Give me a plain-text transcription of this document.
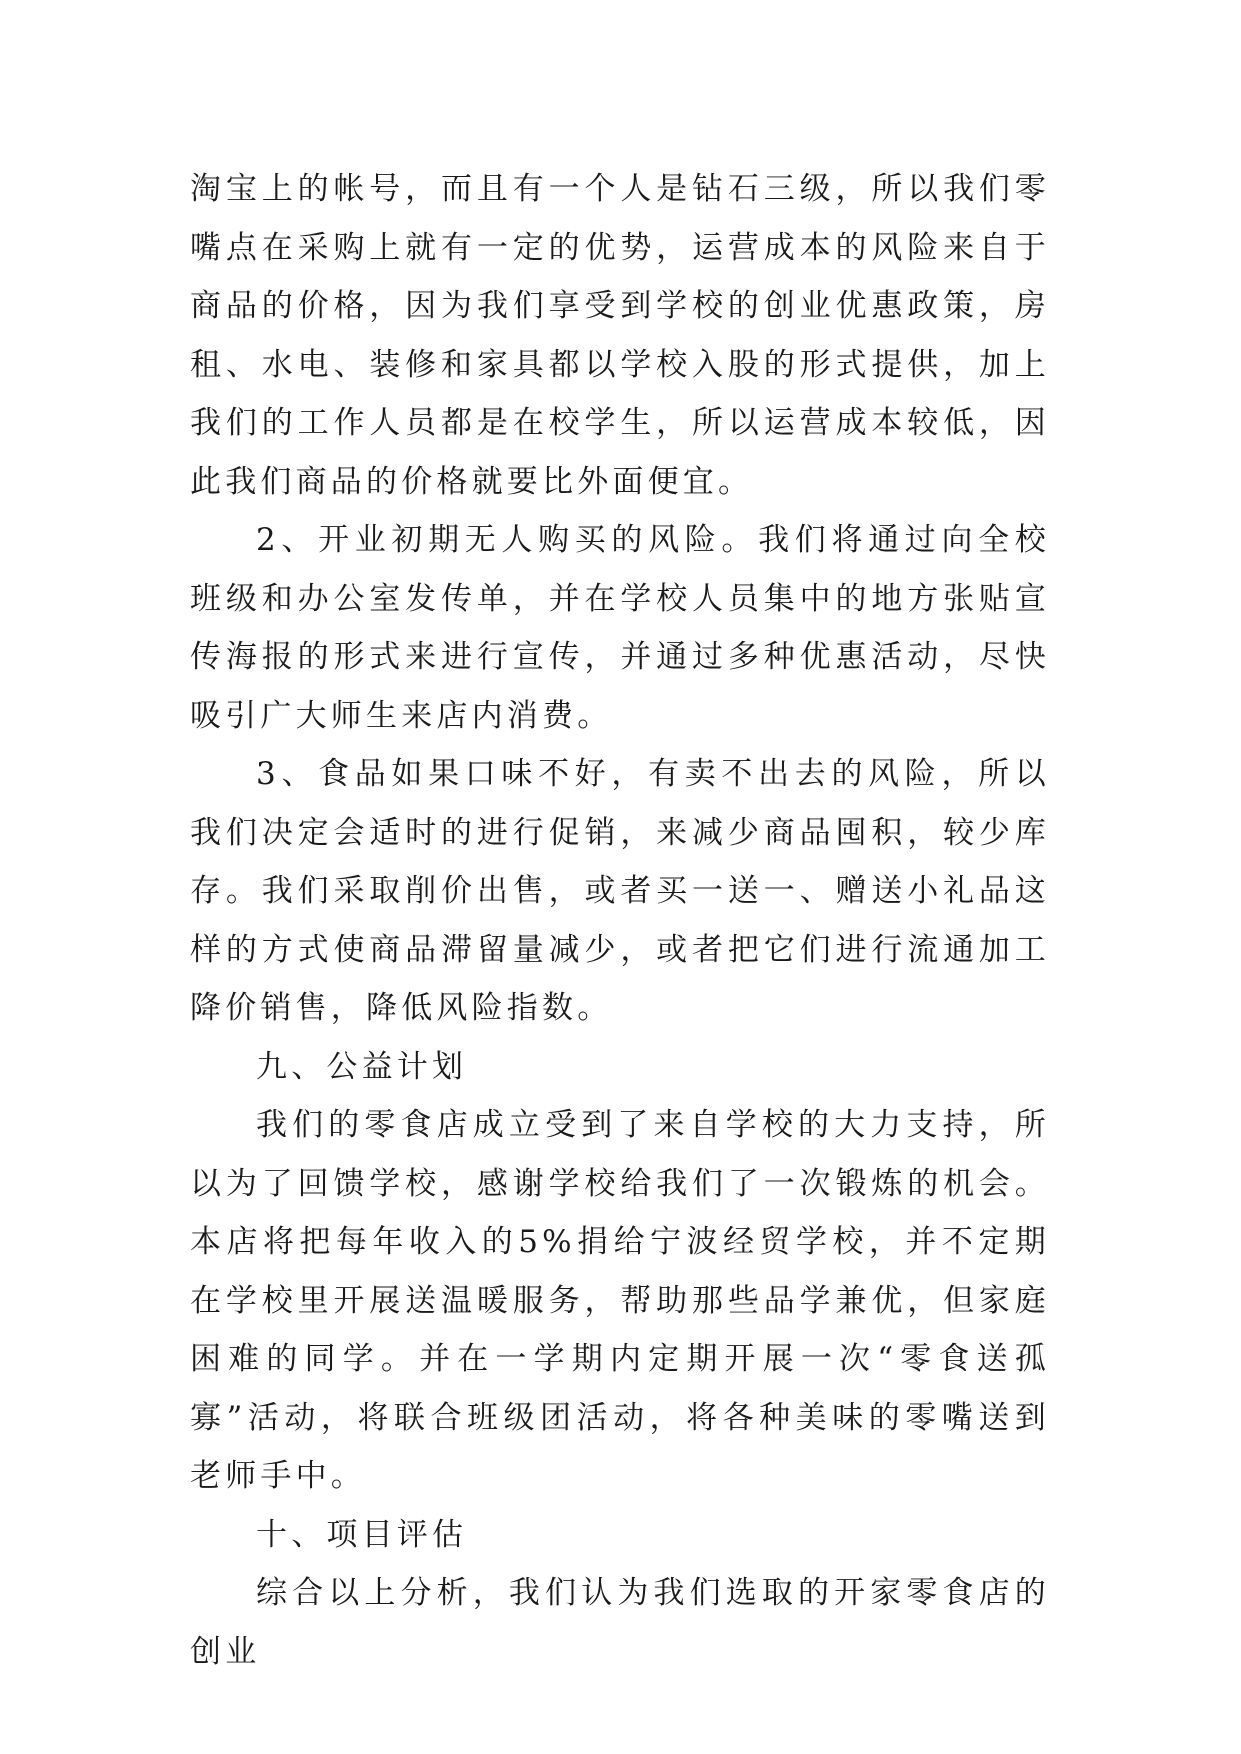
淘宝上的帐号，而且有一个人是钻石三级，所以我们零嘴点在采购上就有一定的优势，运营成本的风险来自于商品的价格，因为我们享受到学校的创业优惠政策，房租、水电、装修和家具都以学校入股的形式提供，加上我们的工作人员都是在校学生，所以运营成本较低，因此我们商品的价格就要比外面便宜。

2、开业初期无人购买的风险。我们将通过向全校班级和办公室发传单，并在学校人员集中的地方张贴宣传海报的形式来进行宣传，并通过多种优惠活动，尽快吸引广大师生来店内消费。

3、食品如果口味不好，有卖不出去的风险，所以我们决定会适时的进行促销，来减少商品囤积，较少库存。我们采取削价出售，或者买一送一、赠送小礼品这样的方式使商品滞留量减少，或者把它们进行流通加工降价销售，降低风险指数。

九、公益计划

我们的零食店成立受到了来自学校的大力支持，所以为了回馈学校，感谢学校给我们了一次锻炼的机会。本店将把每年收入的5%捐给宁波经贸学校，并不定期在学校里开展送温暖服务，帮助那些品学兼优，但家庭困难的同学。并在一学期内定期开展一次“零食送孤寡”活动，将联合班级团活动，将各种美味的零嘴送到老师手中。

十、项目评估

综合以上分析，我们认为我们选取的开家零食店的创业
